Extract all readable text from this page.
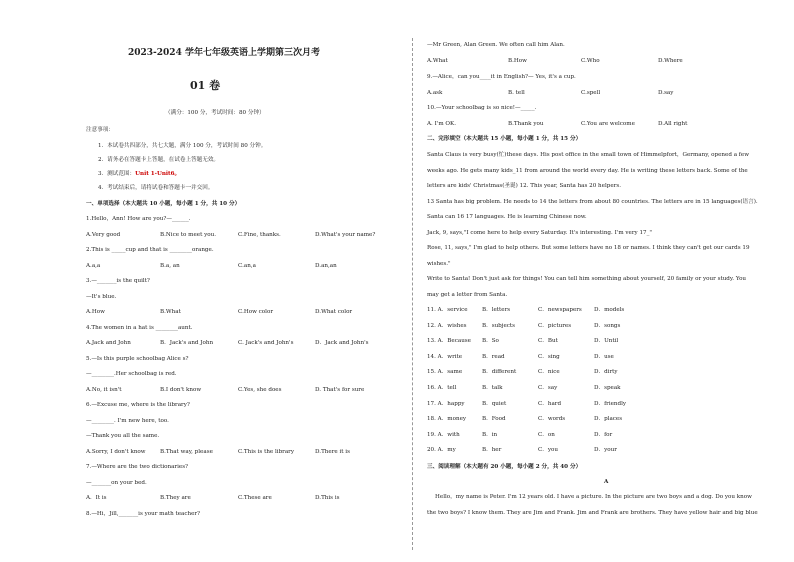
2023-2024 学年七年级英语上学期第三次月考
01 卷
（满分：100 分，考试时间：80 分钟）
注意事项：
1．本试卷共四部分，共七大题，满分 100 分，考试时间 80 分钟。
2．请务必在答题卡上答题，在试卷上答题无效。
3．测试范围：Unit 1-Unit6。
4．考试结束后，请将试卷和答题卡一并交回。
一、单项选择（本大题共 10 小题，每小题 1 分，共 10 分）
1.Hello，Ann! How are you?—______.
A.Very good	B.Nice to meet you.	C.Fine, thanks.	D.What's your name?
2.This is _____cup and that is ________orange.
A.a,a	B.a, an	C.an,a	D.an,an
3.—_______is the quilt?
—It's blue.
A.How	B.What	C.How color	D.What color
4.The women in a hat is ________aunt.
A.Jack and John	B．Jack's and John	C. Jack's and John's	D．Jack and John's
5.—Is this purple schoolbag Alice s?
—________.Her schoolbag is red.
A.No, it isn't	B.I don't know	C.Yes, she does	D. That's for sure
6.—Excuse me, where is the library?
—________. I'm new here, too.
—Thank you all the same.
A.Sorry, I don't know	B.That way, please	C.This is the library	D.There it is
7.—Where are the two dictionaries?
—_______on your bed.
A．It is	B.They are	C.These are	D.This is
8.—Hi，Jill,_______is your math teacher?
—Mr Green, Alan Green. We often call him Alan.
A.What	B.How	C.Who	D.Where
9.—Alice，can you____it in English?— Yes, it's a cup.
A.ask	B. tell	C.spell	D.say
10.—Your schoolbag is so nice!—_____.
A. I'm OK.	B.Thank you	C.You are welcome	D.All right
二、完形填空（本大题共 15 小题，每小题 1 分，共 15 分）
Santa Claus is very busy(忙)these days. His post office in the small town of Himmelpfort，Germany, opened a few
weeks ago. He gets many kids_11 from around the world every day. He is writing these letters back. Some of the
letters are kids' Christmas(圣诞) 12. This year, Santa has 20 helpers.
13 Santa has big problem. He needs to 14 the letters from about 80 countries. The letters are in 15 languages(语言).
Santa can 16 17 languages. He is learning Chinese now.
Jack, 9, says,"I come here to help every Saturday. It's interesting. I'm very 17_"
Rose, 11, says," I'm glad to help others. But some letters have no 18 or names. I think they can't get our cards 19
wishes."
Write to Santa! Don't just ask for things! You can tell him something about yourself, 20 family or your study. You
may get a letter from Santa.
11. A．service	B．letters	C．newspapers D．models
12. A．wishes	B．subjects	C．pictures	D．songs
13. A．Because B．So	C．But	D．Until
14. A．write	B．read	C．sing	D．use
15. A．same	B．different	C．nice	D．dirty
16. A．tell	B．talk	C．say	D．speak
17. A．happy	B．quiet	C．hard	D．friendly
18. A．money	B．Food	C．words	D．places
19. A．with	B．in	C．on	D．for
20. A．my	B．her	C．you	D．your
三、阅读理解（本大题有 20 小题，每小题 2 分，共 40 分）
A
Hello，my name is Peter. I'm 12 years old. I have a picture. In the picture are two boys and a dog. Do you know
the two boys? I know them. They are Jim and Frank. Jim and Frank are brothers. They have yellow hair and big blue
